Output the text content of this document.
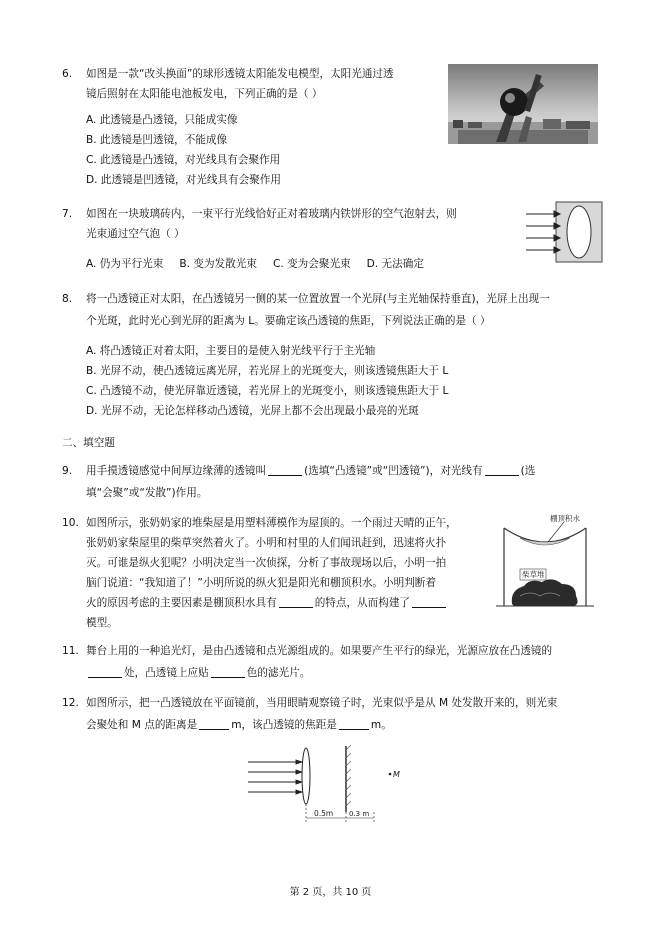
6.	如图是一款“改头换面”的球形透镜太阳能发电模型，太阳光通过透
镜后照射在太阳能电池板发电，下列正确的是（ ）
A. 此透镜是凸透镜，只能成实像
B. 此透镜是凹透镜，不能成像
C. 此透镜是凸透镜，对光线具有会聚作用
D. 此透镜是凹透镜，对光线具有会聚作用
7.	如图在一块玻璃砖内，一束平行光线恰好正对着玻璃内铁饼形的空气泡射去，则
光束通过空气泡（ ）
A. 仍为平行光束 B. 变为发散光束 C. 变为会聚光束 D. 无法确定
8.	将一凸透镜正对太阳，在凸透镜另一侧的某一位置放置一个光屏(与主光轴保持垂直)，光屏上出现一
个光斑，此时光心到光屏的距离为 L。要确定该凸透镜的焦距，下列说法正确的是（ ）
A. 将凸透镜正对着太阳，主要目的是使入射光线平行于主光轴
B. 光屏不动，使凸透镜远离光屏，若光屏上的光斑变大，则该透镜焦距大于 L
C. 凸透镜不动，使光屏靠近透镜，若光屏上的光斑变小，则该透镜焦距大于 L
D. 光屏不动，无论怎样移动凸透镜，光屏上都不会出现最小最亮的光斑
二、填空题
9.	用手摸透镜感觉中间厚边缘薄的透镜叫	(选填“凸透镜”或“凹透镜”)，对光线有	(选
填“会聚”或“发散”)作用。
10. 如图所示，张奶奶家的堆柴屋是用塑料薄模作为屋顶的。一个雨过天晴的正午，
张奶奶家柴屋里的柴草突然着火了。小明和村里的人们闻讯赶到，迅速将火扑
灭。可谁是纵火犯呢？小明决定当一次侦探，分析了事故现场以后，小明一拍
脑门说道：“我知道了！”小明所说的纵火犯是阳光和棚顶积水。小明判断着
火的原因考虑的主要因素是棚顶积水具有	的特点，从而构建了
模型。
棚顶积水
柴草堆
11. 舞台上用的一种追光灯，是由凸透镜和点光源组成的。如果要产生平行的绿光，光源应放在凸透镜的
处，凸透镜上应贴	色的滤光片。
12. 如图所示，把一凸透镜放在平面镜前，当用眼睛观察镜子时，光束似乎是从 M 处发散开来的，则光束
会聚处和 M 点的距离是	m，该凸透镜的焦距是	m。
0.5m 0.3 m
M
第 2 页，共 10 页
